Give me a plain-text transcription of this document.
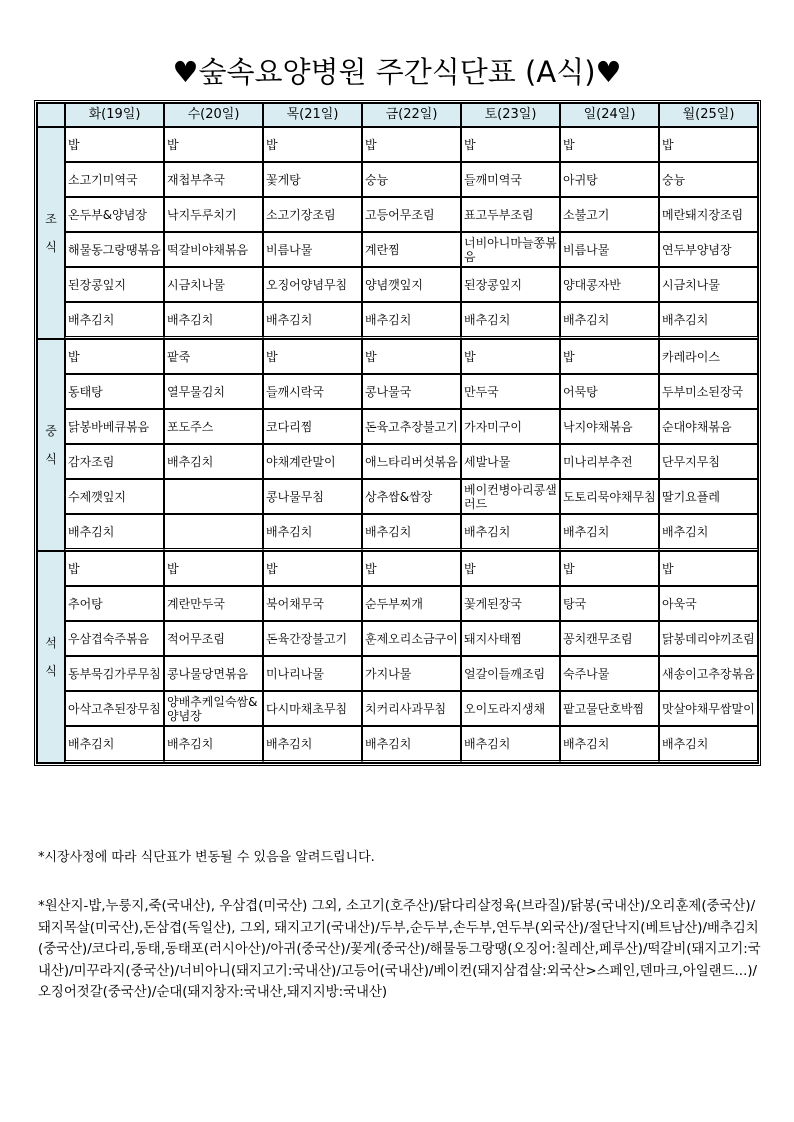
♥숲속요양병원 주간식단표 (A식)♥
	화(19일)	수(20일)	목(21일)	금(22일)	토(23일)	일(24일)	월(25일)
조

식	밥	밥	밥	밥	밥	밥	밥
	소고기미역국	재첩부추국	꽃게탕	숭늉	들깨미역국	아귀탕	숭늉
	온두부&양념장	낙지두루치기	소고기장조림	고등어무조림	표고두부조림	소불고기	메란돼지장조림
	해물동그랑땡볶음	떡갈비야채볶음	비름나물	계란찜	너비아니마늘쫑볶음	비름나물	연두부양념장
	된장콩잎지	시금치나물	오징어양념무침	양념깻잎지	된장콩잎지	양대콩자반	시금치나물
	배추김치	배추김치	배추김치	배추김치	배추김치	배추김치	배추김치
중

식	밥	팥죽	밥	밥	밥	밥	카레라이스
	동태탕	열무물김치	들깨시락국	콩나물국	만두국	어묵탕	두부미소된장국
	닭봉바베큐볶음	포도주스	코다리찜	돈육고추장불고기	가자미구이	낙지야채볶음	순대야채볶음
	감자조림	배추김치	야채계란말이	애느타리버섯볶음	세발나물	미나리부추전	단무지무침
	수제깻잎지		콩나물무침	상추쌈&쌈장	베이컨병아리콩샐러드	도토리묵야채무침	딸기요플레
	배추김치		배추김치	배추김치	배추김치	배추김치	배추김치
석

식	밥	밥	밥	밥	밥	밥	밥
	추어탕	계란만두국	북어채무국	순두부찌개	꽃게된장국	탕국	아욱국
	우삼겹숙주볶음	적어무조림	돈육간장불고기	훈제오리소금구이	돼지사태찜	꽁치캔무조림	닭봉데리야끼조림
	동부묵김가루무침	콩나물당면볶음	미나리나물	가지나물	얼갈이들깨조림	숙주나물	새송이고추장볶음
	아삭고추된장무침	양배추케일숙쌈&양념장	다시마채초무침	치커리사과무침	오이도라지생채	팥고물단호박찜	맛살야채무쌈말이
	배추김치	배추김치	배추김치	배추김치	배추김치	배추김치	배추김치
*시장사정에 따라 식단표가 변동될 수 있음을 알려드립니다.
*원산지-밥,누룽지,죽(국내산), 우삼겹(미국산) 그외, 소고기(호주산)/닭다리살정육(브라질)/닭봉(국내산)/오리훈제(중국산)/돼지목살(미국산),돈삼겹(독일산), 그외, 돼지고기(국내산)/두부,순두부,손두부,연두부(외국산)/절단낙지(베트남산)/배추김치(중국산)/코다리,동태,동태포(러시아산)/아귀(중국산)/꽃게(중국산)/해물동그랑땡(오징어:칠레산,페루산)/떡갈비(돼지고기:국내산)/미꾸라지(중국산)/너비아니(돼지고기:국내산)/고등어(국내산)/베이컨(돼지삼겹살:외국산>스페인,덴마크,아일랜드...)/오징어젓갈(중국산)/순대(돼지창자:국내산,돼지지방:국내산)
